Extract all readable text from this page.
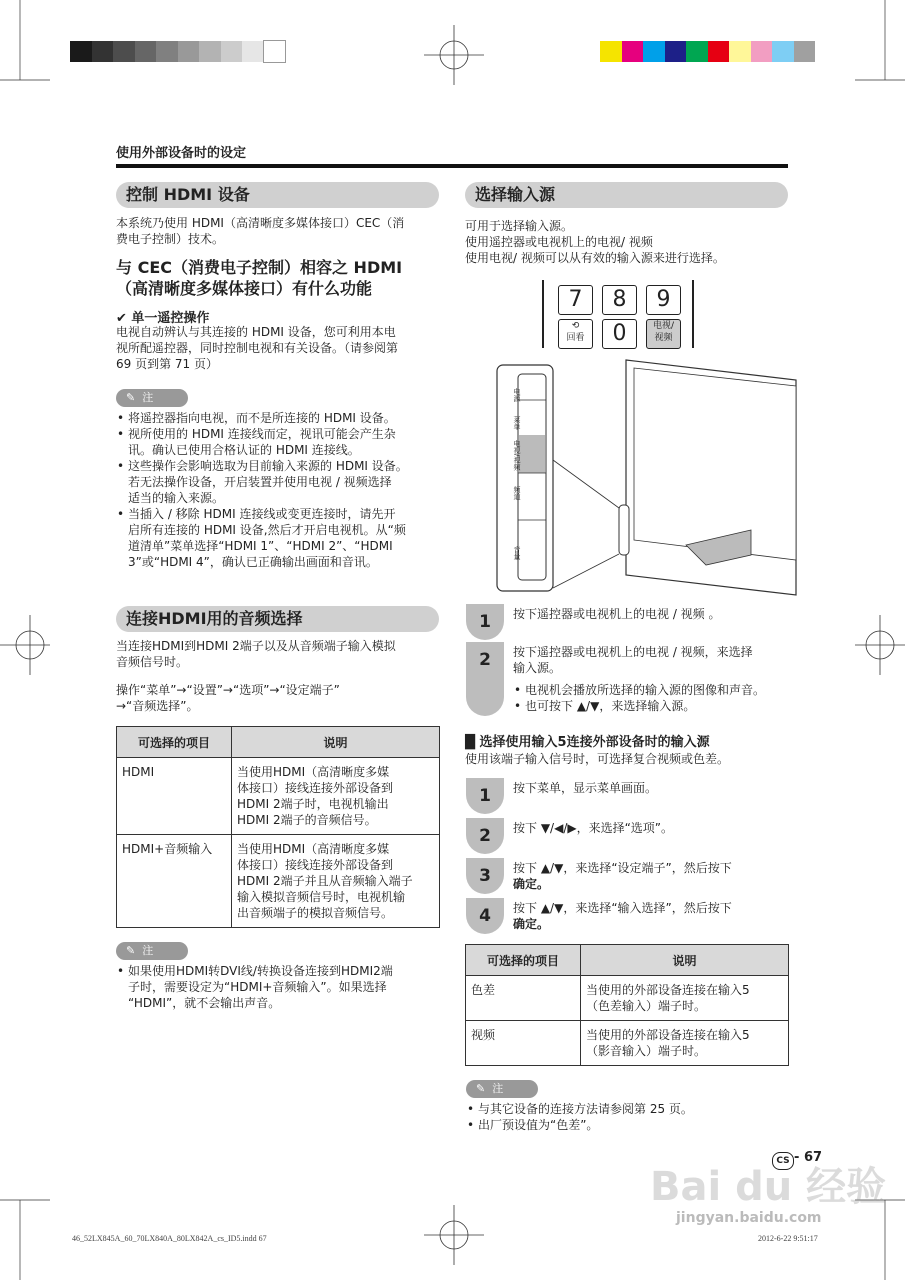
使用外部设备时的设定
控制 HDMI 设备
本系统乃使用 HDMI（高清晰度多媒体接口）CEC（消
费电子控制）技术。
与 CEC（消费电子控制）相容之 HDMI
（高清晰度多媒体接口）有什么功能
✔ 单一遥控操作
电视自动辨认与其连接的 HDMI 设备，您可利用本电
视所配遥控器，同时控制电视和有关设备。（请参阅第
69 页到第 71 页）
✎ 注
• 将遥控器指向电视，而不是所连接的 HDMI 设备。
• 视所使用的 HDMI 连接线而定，视讯可能会产生杂
讯。确认已使用合格认证的 HDMI 连接线。
• 这些操作会影响选取为目前输入来源的 HDMI 设备。
若无法操作设备，开启装置并使用电视 / 视频选择
适当的输入来源。
• 当插入 / 移除 HDMI 连接线或变更连接时，请先开
启所有连接的 HDMI 设备,然后才开启电视机。从“频
道清单”菜单选择“HDMI 1”、“HDMI 2”、“HDMI
3”或“HDMI 4”，确认已正确输出画面和音讯。
连接HDMI用的音频选择
当连接HDMI到HDMI 2端子以及从音频端子输入模拟
音频信号时。
操作“菜单”→“设置”→“选项”→“设定端子”
→“音频选择”。
可选择的项目	说明
HDMI	当使用HDMI（高清晰度多媒
体接口）接线连接外部设备到
HDMI 2端子时，电视机输出
HDMI 2端子的音频信号。

HDMI+音频输入	当使用HDMI（高清晰度多媒
体接口）接线连接外部设备到
HDMI 2端子并且从音频输入端子
输入模拟音频信号时，电视机输
出音频端子的模拟音频信号。
✎ 注
• 如果使用HDMI转DVI线/转换设备连接到HDMI2端
子时，需要设定为“HDMI+音频输入”。如果选择
“HDMI”，就不会输出声音。
选择输入源
可用于选择输入源。
使用遥控器或电视机上的电视/ 视频
使用电视/ 视频可以从有效的输入源来进行选择。
7	8	9
⟲
回看	0	电视/
视频
电源
菜单
电视/视频
频道
音量
1	按下遥控器或电视机上的电视 / 视频 。
2	按下遥控器或电视机上的电视 / 视频，来选择
输入源。
• 电视机会播放所选择的输入源的图像和声音。
• 也可按下 ▲/▼，来选择输入源。
█ 选择使用输入5连接外部设备时的输入源
使用该端子输入信号时，可选择复合视频或色差。
1	按下菜单，显示菜单画面。
2	按下 ▼/◀/▶，来选择“选项”。
3	按下 ▲/▼，来选择“设定端子”，然后按下
确定。
4	按下 ▲/▼，来选择“输入选择”，然后按下
确定。
可选择的项目	说明
色差	当使用的外部设备连接在输入5
（色差输入）端子时。

视频	当使用的外部设备连接在输入5
（影音输入）端子时。
✎ 注
• 与其它设备的连接方法请参阅第 25 页。
• 出厂预设值为“色差”。
CS - 67
46_52LX845A_60_70LX840A_80LX842A_cs_ID5.indd 67	2012-6-22 9:51:17
Bai du 经验
jingyan.baidu.com
